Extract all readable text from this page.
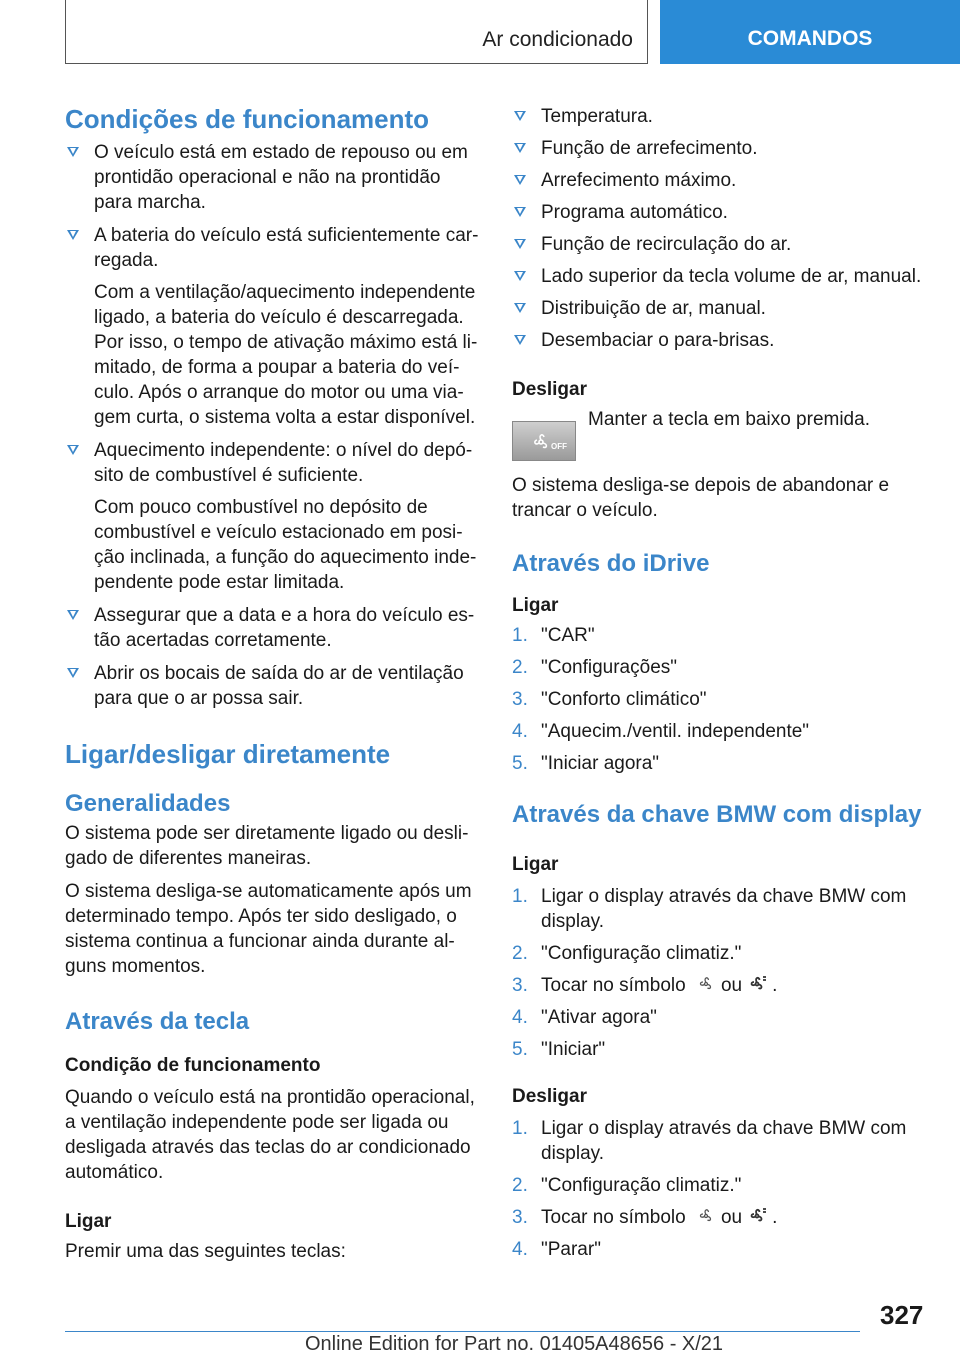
Ar condicionado	COMANDOS
Condições de funcionamento
O veículo está em estado de repouso ou em prontidão operacional e não na prontidão para marcha.
A bateria do veículo está suficientemente car-regada.
Com a ventilação/aquecimento independente ligado, a bateria do veículo é descarregada. Por isso, o tempo de ativação máximo está li-mitado, de forma a poupar a bateria do veí-culo. Após o arranque do motor ou uma via-gem curta, o sistema volta a estar disponível.
Aquecimento independente: o nível do depó-sito de combustível é suficiente.
Com pouco combustível no depósito de combustível e veículo estacionado em posi-ção inclinada, a função do aquecimento inde-pendente pode estar limitada.
Assegurar que a data e a hora do veículo es-tão acertadas corretamente.
Abrir os bocais de saída do ar de ventilação para que o ar possa sair.
Ligar/desligar diretamente
Generalidades

O sistema pode ser diretamente ligado ou desli-gado de diferentes maneiras.

O sistema desliga-se automaticamente após um determinado tempo. Após ter sido desligado, o sistema continua a funcionar ainda durante al-guns momentos.

Através da tecla
Condição de funcionamento

Quando o veículo está na prontidão operacional, a ventilação independente pode ser ligada ou desligada através das teclas do ar condicionado automático.

Ligar

Premir uma das seguintes teclas:

Temperatura.
Função de arrefecimento.
Arrefecimento máximo.
Programa automático.
Função de recirculação do ar.
Lado superior da tecla volume de ar, manual.
Distribuição de ar, manual.
Desembaciar o para-brisas.
Desligar
OFF

Manter a tecla em baixo premida.

O sistema desliga-se depois de abandonar e trancar o veículo.

Através do iDrive
Ligar
1. "CAR"
2. "Configurações"
3. "Conforto climático"
4. "Aquecim./ventil. independente"
5. "Iniciar agora"
Através da chave BMW com display
Ligar
1. Ligar o display através da chave BMW com display.
2. "Configuração climatiz."
3. Tocar no símbolo ou .
4. "Ativar agora"
5. "Iniciar"
Desligar
1. Ligar o display através da chave BMW com display.
2. "Configuração climatiz."
3. Tocar no símbolo ou .
4. "Parar"
327
Online Edition for Part no. 01405A48656 - X/21
